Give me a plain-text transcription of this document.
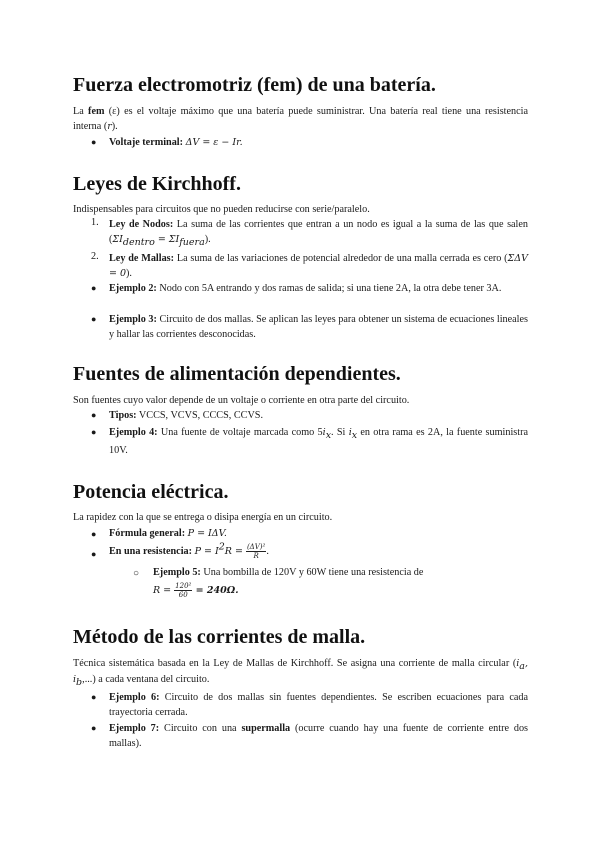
Fuerza electromotriz (fem) de una batería.
La fem (ε) es el voltaje máximo que una batería puede suministrar. Una batería real tiene una resistencia interna (r).
● Voltaje terminal: ΔV = ε − Ir.
Leyes de Kirchhoff.
Indispensables para circuitos que no pueden reducirse con serie/paralelo.
1. Ley de Nodos: La suma de las corrientes que entran a un nodo es igual a la suma de las que salen $(\Sigma I_{dentro} = \Sigma I_{fuera})$.
2. Ley de Mallas: La suma de las variaciones de potencial alrededor de una malla cerrada es cero (ΣΔV = 0).
● Ejemplo 2: Nodo con 5A entrando y dos ramas de salida; si una tiene 2A, la otra debe tener 3A.
● Ejemplo 3: Circuito de dos mallas. Se aplican las leyes para obtener un sistema de ecuaciones lineales y hallar las corrientes desconocidas.
Fuentes de alimentación dependientes.
Son fuentes cuyo valor depende de un voltaje o corriente en otra parte del circuito.
● Tipos: VCCS, VCVS, CCCS, CCVS.
● Ejemplo 4: Una fuente de voltaje marcada como $5i_x$. Si $i_x$ en otra rama es 2A, la fuente suministra 10V.
Potencia eléctrica.
La rapidez con la que se entrega o disipa energía en un circuito.
● Fórmula general: P = IΔV.
● En una resistencia: $P = I^2R = \frac{\text{(ΔV)²}}{R}$ .
○ Ejemplo 5: Una bombilla de 120V y 60W tiene una resistencia de
$R = \frac{\text{120²}}{60} = 240\Omega$.
Método de las corrientes de malla.
Técnica sistemática basada en la Ley de Mallas de Kirchhoff. Se asigna una corriente de malla circular ($i_a$, $i_b$,...) a cada ventana del circuito.
● Ejemplo 6: Circuito de dos mallas sin fuentes dependientes. Se escriben ecuaciones para cada trayectoria cerrada.
● Ejemplo 7: Circuito con una supermalla (ocurre cuando hay una fuente de corriente entre dos mallas).
